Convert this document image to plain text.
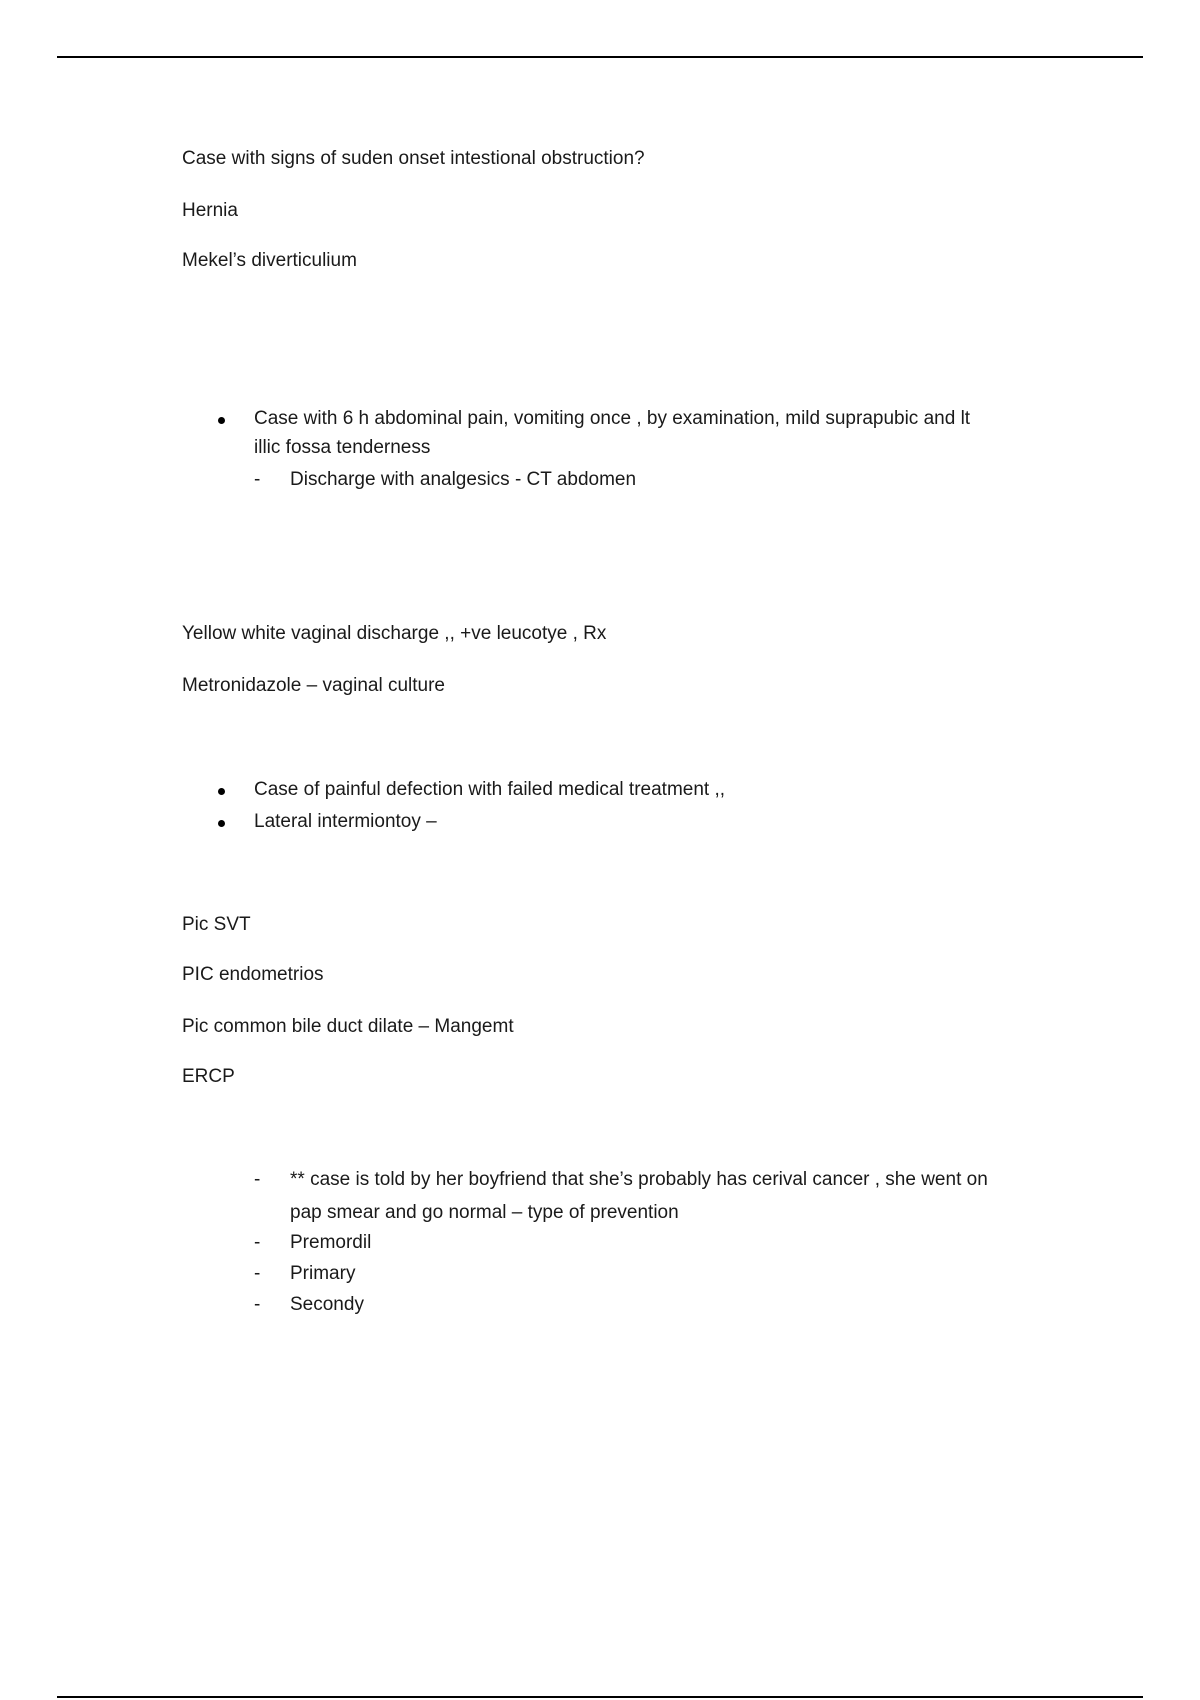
Case with signs of suden onset intestional obstruction?
Hernia
Mekel’s diverticulium
Case with 6 h abdominal pain, vomiting once , by examination, mild suprapubic and lt
illic fossa tenderness
- Discharge with analgesics - CT abdomen
Yellow white vaginal discharge ,, +ve leucotye , Rx
Metronidazole – vaginal culture
Case of painful defection with failed medical treatment ,,
Lateral intermiontoy –
Pic SVT
PIC endometrios
Pic common bile duct dilate – Mangemt
ERCP
- ** case is told by her boyfriend that she’s probably has cerival cancer , she went on
pap smear and go normal – type of prevention
- Premordil
- Primary
- Secondy
